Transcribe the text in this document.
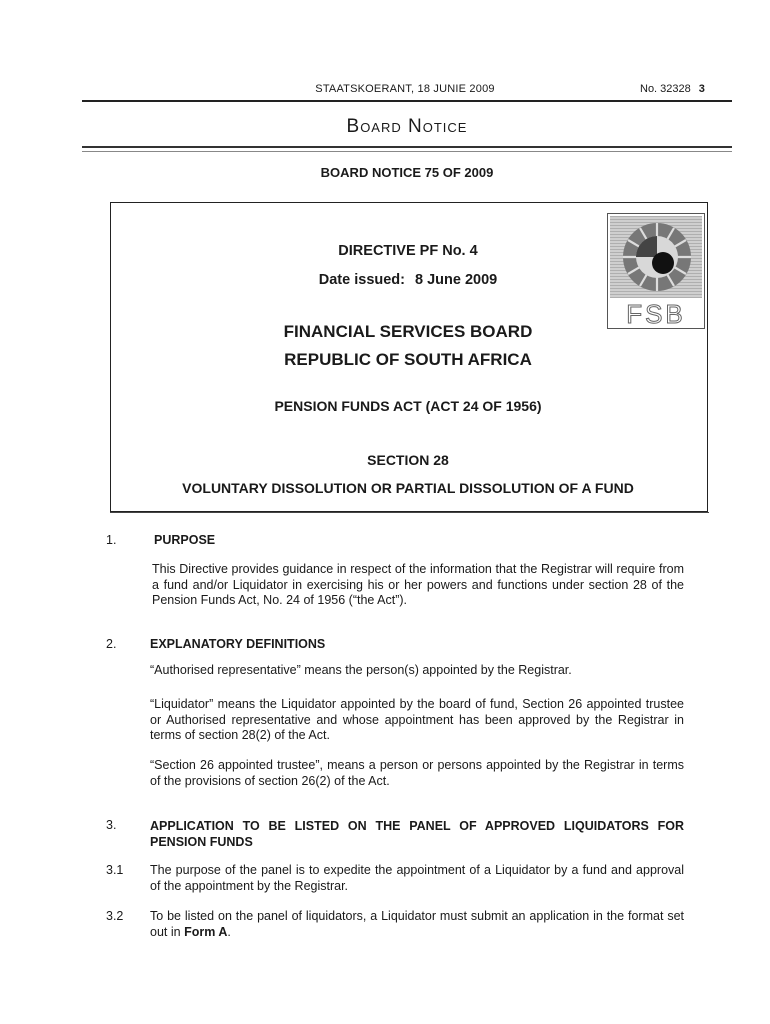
STAATSKOERANT, 18 JUNIE 2009	No. 32328 3
Board Notice
BOARD NOTICE 75 OF 2009
DIRECTIVE PF No. 4
Date issued: 8 June 2009
FINANCIAL SERVICES BOARD
REPUBLIC OF SOUTH AFRICA
PENSION FUNDS ACT (ACT 24 OF 1956)
SECTION 28
VOLUNTARY DISSOLUTION OR PARTIAL DISSOLUTION OF A FUND
FSB
1.	PURPOSE
This Directive provides guidance in respect of the information that the Registrar will require from a fund and/or Liquidator in exercising his or her powers and functions under section 28 of the Pension Funds Act, No. 24 of 1956 (“the Act”).
2.	EXPLANATORY DEFINITIONS
“Authorised representative” means the person(s) appointed by the Registrar.
“Liquidator” means the Liquidator appointed by the board of fund, Section 26 appointed trustee or Authorised representative and whose appointment has been approved by the Registrar in terms of section 28(2) of the Act.
“Section 26 appointed trustee”, means a person or persons appointed by the Registrar in terms of the provisions of section 26(2) of the Act.
3.	APPLICATION TO BE LISTED ON THE PANEL OF APPROVED LIQUIDATORS FOR PENSION FUNDS
3.1 The purpose of the panel is to expedite the appointment of a Liquidator by a fund and approval of the appointment by the Registrar.
3.2 To be listed on the panel of liquidators, a Liquidator must submit an application in the format set out in Form A.
